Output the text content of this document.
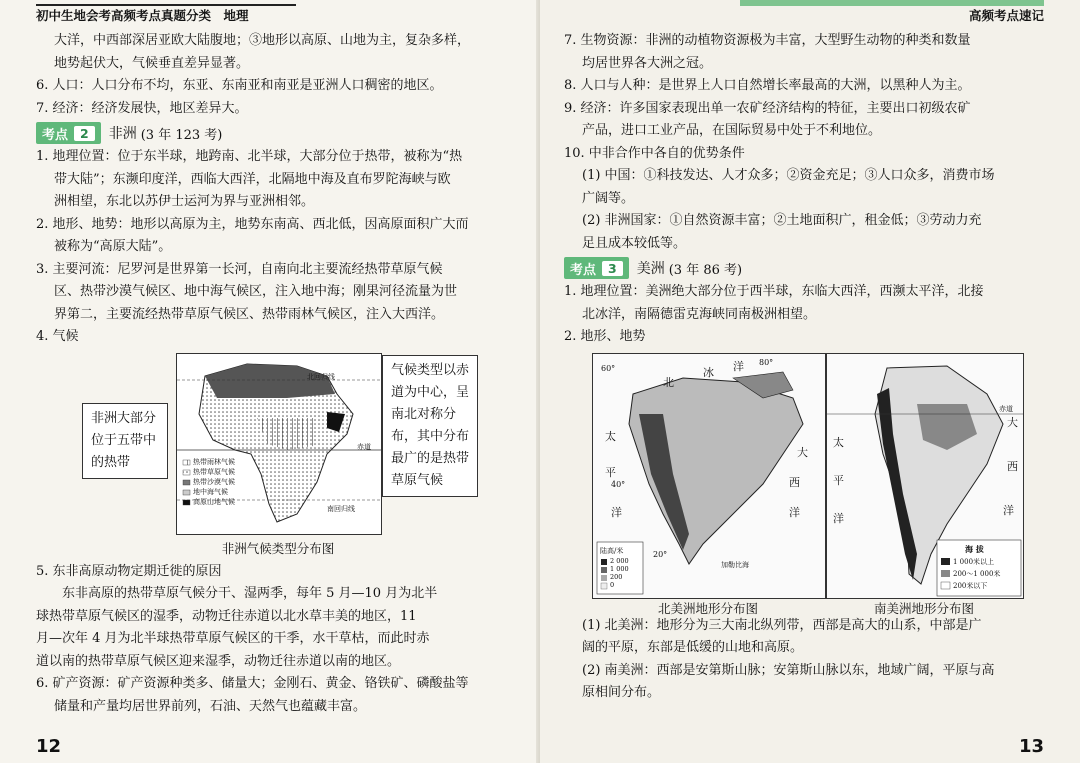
初中生地会考高频考点真题分类　地理

大洋，中西部深居亚欧大陆腹地；③地形以高原、山地为主，复杂多样，

地势起伏大，气候垂直差异显著。

6. 人口：人口分布不均，东亚、东南亚和南亚是亚洲人口稠密的地区。

7. 经济：经济发展快，地区差异大。

考点 2	非洲 (3 年 123 考)

1. 地理位置：位于东半球，地跨南、北半球，大部分位于热带，被称为“热

带大陆”；东濒印度洋，西临大西洋，北隔地中海及直布罗陀海峡与欧

洲相望，东北以苏伊士运河为界与亚洲相邻。

2. 地形、地势：地形以高原为主，地势东南高、西北低，因高原面积广大而

被称为“高原大陆”。

3. 主要河流：尼罗河是世界第一长河，自南向北主要流经热带草原气候

区、热带沙漠气候区、地中海气候区，注入地中海；刚果河径流量为世

界第二，主要流经热带草原气候区、热带雨林气候区，注入大西洋。

4. 气候

非洲大部分位于五带中的热带
北回归线
赤道
南回归线
热带雨林气候
热带草原气候
热带沙漠气候
地中海气候
高原山地气候
气候类型以赤道为中心，呈南北对称分布，其中分布最广的是热带草原气候
非洲气候类型分布图

5. 东非高原动物定期迁徙的原因

东非高原的热带草原气候分干、湿两季，每年 5 月—10 月为北半

球热带草原气候区的湿季，动物迁往赤道以北水草丰美的地区，11

月—次年 4 月为北半球热带草原气候区的干季，水干草枯，而此时赤

道以南的热带草原气候区迎来湿季，动物迁往赤道以南的地区。

6. 矿产资源：矿产资源种类多、储量大；金刚石、黄金、铬铁矿、磷酸盐等

储量和产量均居世界前列，石油、天然气也蕴藏丰富。

12
高频考点速记

7. 生物资源：非洲的动植物资源极为丰富，大型野生动物的种类和数量

均居世界各大洲之冠。

8. 人口与人种：是世界上人口自然增长率最高的大洲，以黑种人为主。

9. 经济：许多国家表现出单一农矿经济结构的特征，主要出口初级农矿

产品，进口工业产品，在国际贸易中处于不利地位。

10. 中非合作中各自的优势条件

(1) 中国：①科技发达、人才众多；②资金充足；③人口众多，消费市场

广阔等。

(2) 非洲国家：①自然资源丰富；②土地面积广，租金低；③劳动力充

足且成本较低等。

考点 3	美洲 (3 年 86 考)

1. 地理位置：美洲绝大部分位于西半球，东临大西洋，西濒太平洋，北接

北冰洋，南隔德雷克海峡同南极洲相望。

2. 地形、地势

陆高/米
2 000
1 000
200
0
北
冰 洋
太
平
洋
大
西
洋
60°
80°
40°
20°
加勒比海
太
平
洋
大
西
洋
赤道
海 拔
1 000米以上
200～1 000米
200米以下
北美洲地形分布图	南美洲地形分布图

(1) 北美洲：地形分为三大南北纵列带，西部是高大的山系，中部是广

阔的平原，东部是低缓的山地和高原。

(2) 南美洲：西部是安第斯山脉；安第斯山脉以东，地域广阔，平原与高

原相间分布。

13
